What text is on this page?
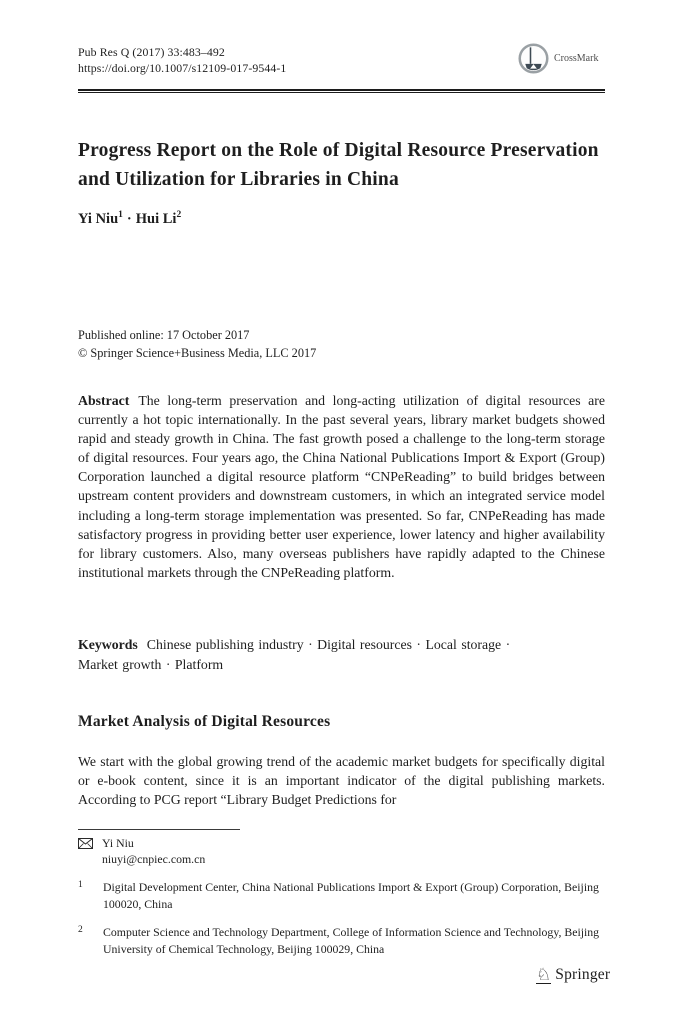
Pub Res Q (2017) 33:483–492
https://doi.org/10.1007/s12109-017-9544-1
CrossMark
Progress Report on the Role of Digital Resource Preservation and Utilization for Libraries in China
Yi Niu$^1$ · Hui Li$^2$
Published online: 17 October 2017
© Springer Science+Business Media, LLC 2017
Abstract The long-term preservation and long-acting utilization of digital resources are currently a hot topic internationally. In the past several years, library market budgets showed rapid and steady growth in China. The fast growth posed a challenge to the long-term storage of digital resources. Four years ago, the China National Publications Import & Export (Group) Corporation launched a digital resource platform “CNPeReading” to build bridges between upstream content providers and downstream customers, in which an integrated service model including a long-term storage implementation was presented. So far, CNPeReading has made satisfactory progress in providing better user experience, lower latency and higher availability for library customers. Also, many overseas publishers have rapidly adapted to the Chinese institutional markets through the CNPeReading platform.
Keywords Chinese publishing industry · Digital resources · Local storage · Market growth · Platform
Market Analysis of Digital Resources
We start with the global growing trend of the academic market budgets for specifically digital or e-book content, since it is an important indicator of the digital publishing markets. According to PCG report “Library Budget Predictions for
Yi Niu
niuyi@cnpiec.com.cn
1	Digital Development Center, China National Publications Import & Export (Group) Corporation, Beijing 100020, China
2	Computer Science and Technology Department, College of Information Science and Technology, Beijing University of Chemical Technology, Beijing 100029, China
♘ Springer
